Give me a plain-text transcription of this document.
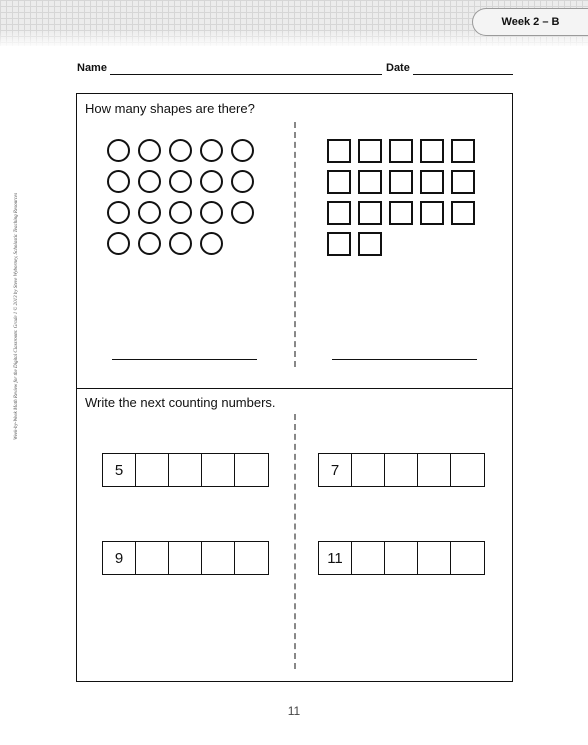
Week 2 – B
Name	Date
How many shapes are there?
Write the next counting numbers.
5	7
9	11
Week-by-Week Math Review for the Digital Classroom: Grade 1 © 2013 by Steve Wyborney, Scholastic Teaching Resources
11
